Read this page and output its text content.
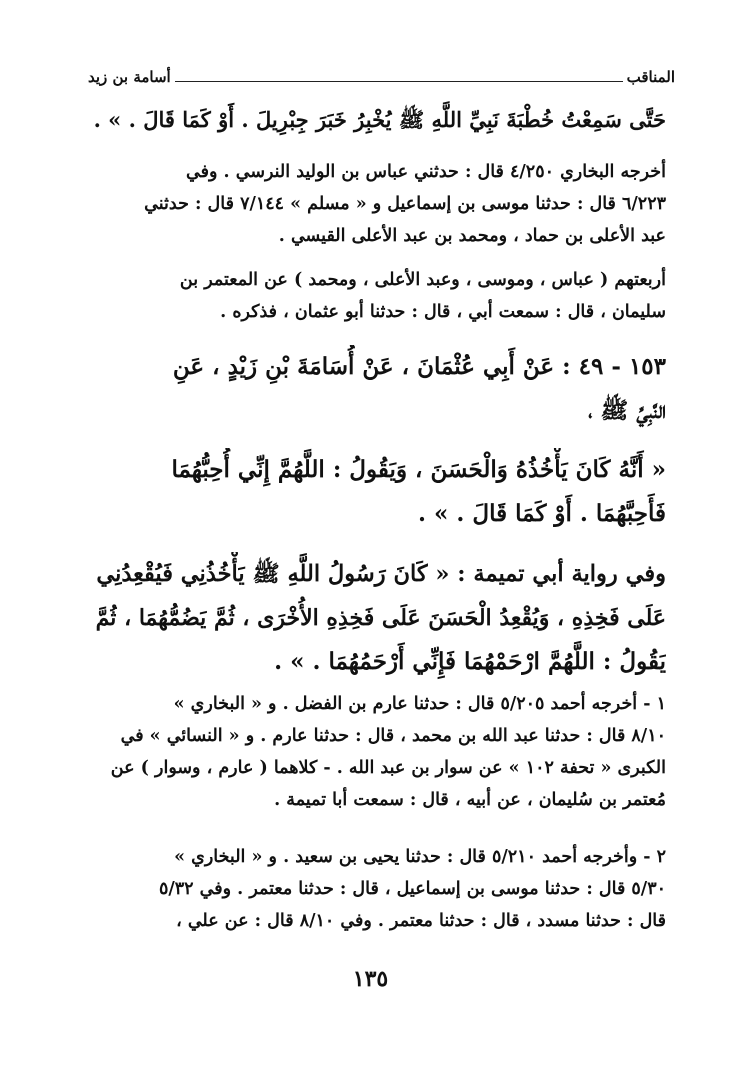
المناقب
أسامة بن زيد
حَتَّى سَمِعْتُ خُطْبَةَ نَبِيِّ اللَّهِ ﷺ يُخْبِرُ خَبَرَ جِبْرِيلَ . أَوْ كَمَا قَالَ . » .
أخرجه البخاري ٤/٢٥٠ قال : حدثني عباس بن الوليد النرسي . وفي
٦/٢٢٣ قال : حدثنا موسى بن إسماعيل و « مسلم » ٧/١٤٤ قال : حدثني
عبد الأعلى بن حماد ، ومحمد بن عبد الأعلى القيسي .
أربعتهم ( عباس ، وموسى ، وعبد الأعلى ، ومحمد ) عن المعتمر بن
سليمان ، قال : سمعت أبي ، قال : حدثنا أبو عثمان ، فذكره .
١٥٣ - ٤٩ : عَنْ أَبِي عُثْمَانَ ، عَنْ أُسَامَةَ بْنِ زَيْدٍ ، عَنِ
النَّبِيِّ ﷺ ،
« أَنَّهُ كَانَ يَأْخُذُهُ وَالْحَسَنَ ، وَيَقُولُ : اللَّهُمَّ إِنِّي أُحِبُّهُمَا
فَأَحِبَّهُمَا . أَوْ كَمَا قَالَ . » .
وفي رواية أبي تميمة : « كَانَ رَسُولُ اللَّهِ ﷺ يَأْخُذُنِي فَيُقْعِدُنِي
عَلَى فَخِذِهِ ، وَيُقْعِدُ الْحَسَنَ عَلَى فَخِذِهِ الأُخْرَى ، ثُمَّ يَضُمُّهُمَا ، ثُمَّ
يَقُولُ : اللَّهُمَّ ارْحَمْهُمَا فَإِنِّي أَرْحَمُهُمَا . » .
١ - أخرجه أحمد ٥/٢٠٥ قال : حدثنا عارم بن الفضل . و « البخاري »
٨/١٠ قال : حدثنا عبد الله بن محمد ، قال : حدثنا عارم . و « النسائي » في
الكبرى « تحفة ١٠٢ » عن سوار بن عبد الله . - كلاهما ( عارم ، وسوار ) عن
مُعتمر بن سُليمان ، عن أبيه ، قال : سمعت أبا تميمة .
٢ - وأخرجه أحمد ٥/٢١٠ قال : حدثنا يحيى بن سعيد . و « البخاري »
٥/٣٠ قال : حدثنا موسى بن إسماعيل ، قال : حدثنا معتمر . وفي ٥/٣٢
قال : حدثنا مسدد ، قال : حدثنا معتمر . وفي ٨/١٠ قال : عن علي ،
١٣٥
